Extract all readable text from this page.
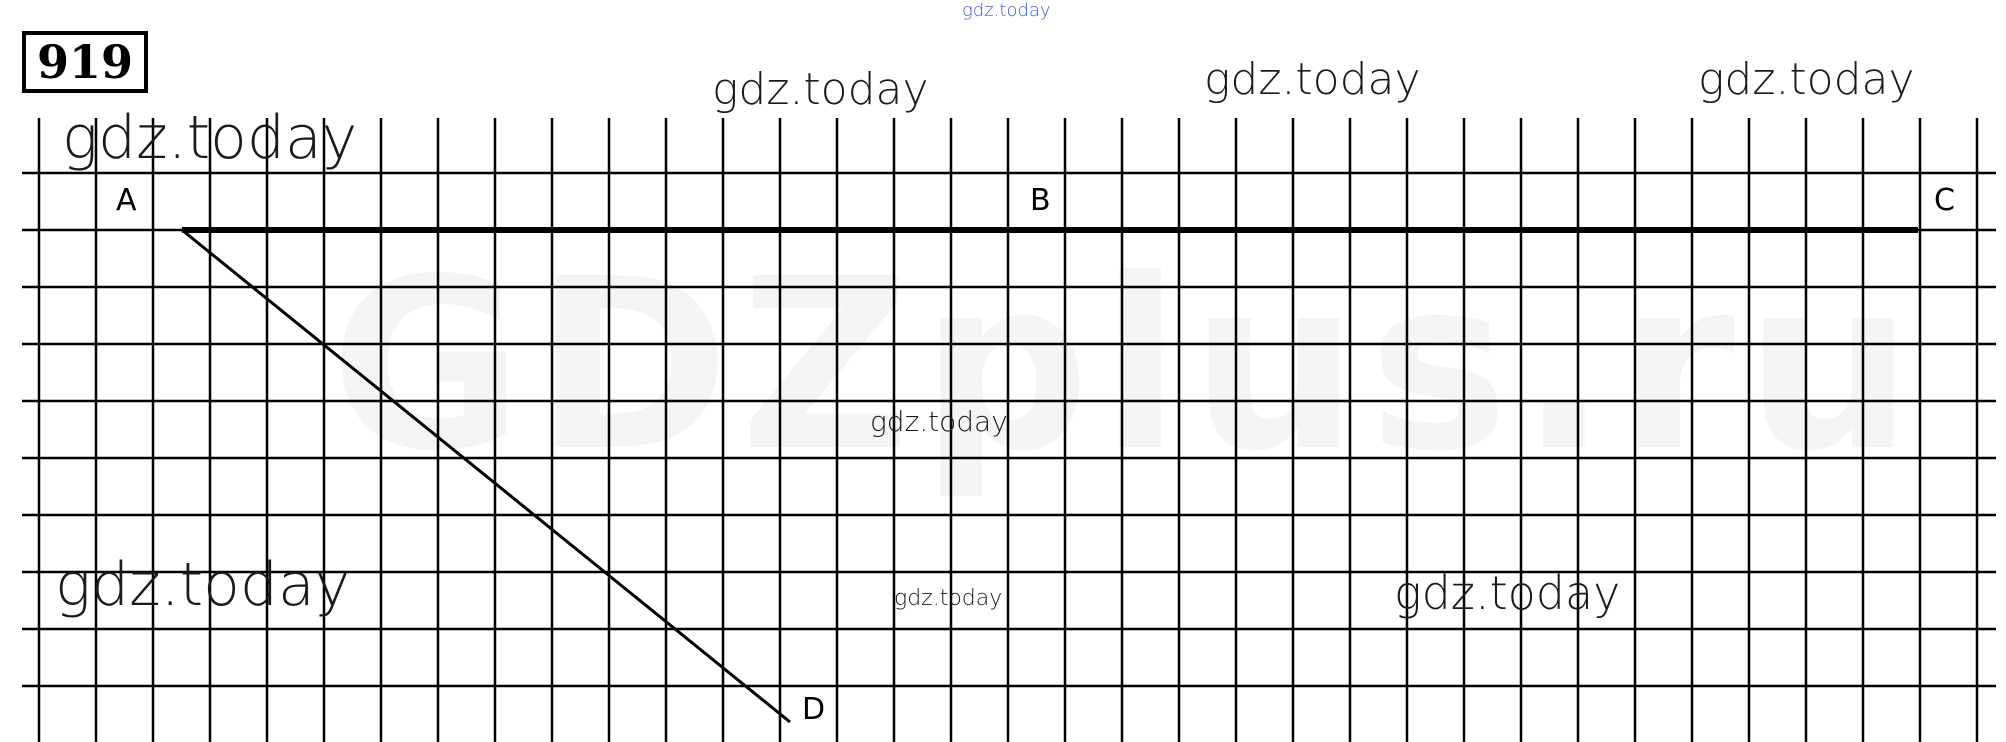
919
gdz.today
gdz.today	gdz.today	gdz.today
gdz.today
gdz.today
gdz.today	gdz.today	gdz.today
A	B	C
D
